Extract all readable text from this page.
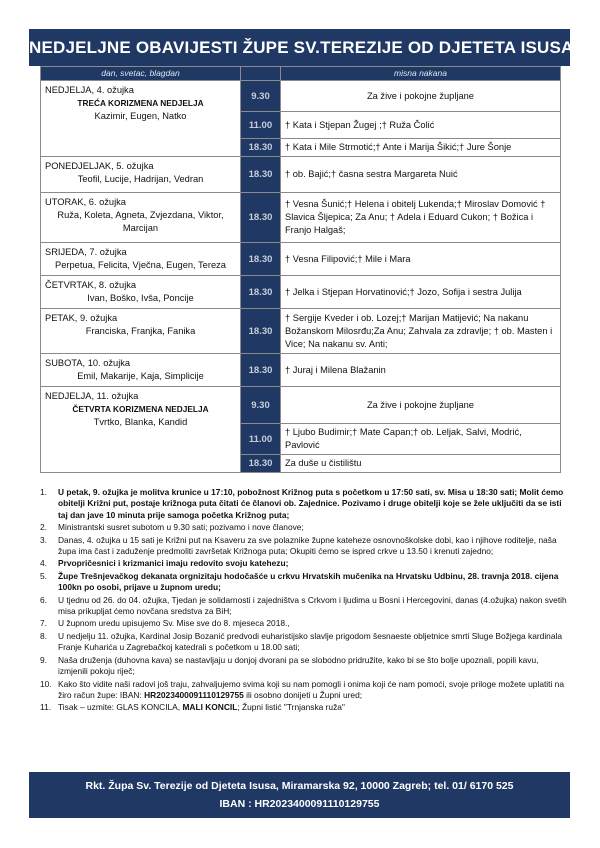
NEDJELJNE OBAVIJESTI ŽUPE SV.TEREZIJE OD DJETETA ISUSA
dan, svetac, blagdan		misna nakana

NEDJELJA, 4. ožujka
TREĆA KORIZMENA NEDJELJA
Kazimir, Eugen, Natko	9.30	Za žive i pokojne župljane
	11.00	† Kata i Stjepan Žugej ;† Ruža Čolić
	18.30	† Kata i Mile Strmotić;† Ante i Marija Šikić;† Jure Šonje

PONEDJELJAK, 5. ožujka
Teofil, Lucije, Hadrijan, Vedran	18.30	† ob. Bajić;† časna sestra Margareta Nuić

UTORAK, 6. ožujka
Ruža, Koleta, Agneta, Zvjezdana, Viktor, Marcijan	18.30	† Vesna Šunić;† Helena i obitelj Lukenda;† Miroslav Domović † Slavica Šljepica; Za Anu; † Adela i Eduard Cukon; † Božica i Franjo Halgaš;

SRIJEDA, 7. ožujka
Perpetua, Felicita, Vječna, Eugen, Tereza	18.30	† Vesna Filipović;† Mile i Mara

ČETVRTAK, 8. ožujka
Ivan, Boško, Ivša, Poncije	18.30	† Jelka i Stjepan Horvatinović;† Jozo, Sofija i sestra Julija

PETAK, 9. ožujka
Franciska, Franjka, Fanika	18.30	† Sergije Kveder i ob. Lozej;† Marijan Matijević; Na nakanu Božanskom Milosrđu;Za Anu; Zahvala za zdravlje; † ob. Masten i Vice; Na nakanu sv. Anti;

SUBOTA, 10. ožujka
Emil, Makarije, Kaja, Simplicije	18.30	† Juraj i Milena Blažanin

NEDJELJA, 11. ožujka
ČETVRTA KORIZMENA NEDJELJA
Tvrtko, Blanka, Kandid	9.30	Za žive i pokojne župljane
	11.00	† Ljubo Budimir;† Mate Capan;† ob. Leljak, Salvi, Modrić, Pavlović
	18.30	Za duše u čistilištu
1.	U petak, 9. ožujka je molitva krunice u 17:10, pobožnost Križnog puta s početkom u 17:50 sati, sv. Misa u 18:30 sati; Molit ćemo obitelji Križni put, postaje križnoga puta čitati će članovi ob. Zajednice. Pozivamo i druge obitelji koje se žele uključiti da se isti taj dan jave 10 minuta prije samoga početka Križnog puta;
2.	Ministrantski susret subotom u 9.30 sati; pozivamo i nove članove;
3.	Danas, 4. ožujka u 15 sati je Križni put na Ksaveru za sve polaznike župne kateheze osnovnoškolske dobi, kao i njihove roditelje, naša župa ima čast i zaduženje predmoliti završetak Križnoga puta; Okupiti ćemo se ispred crkve u 13.50 i krenuti zajedno;
4.	Prvopričesnici i krizmanici imaju redovito svoju katehezu;
5.	Župe Trešnjevačkog dekanata orgnizitaju hodočašće u crkvu Hrvatskih mučenika na Hrvatsku Udbinu, 28. travnja 2018. cijena 100kn po osobi, prijave u župnom uredu;
6.	U tjednu od 26. do 04. ožujka, Tjedan je solidarnosti i zajedništva s Crkvom i ljudima u Bosni i Hercegovini, danas (4.ožujka) nakon svetih misa prikupljat ćemo novčana sredstva za BiH;
7.	U župnom uredu upisujemo Sv. Mise sve do 8. mjeseca 2018.,
8.	U nedjelju 11. ožujka, Kardinal Josip Bozanić predvodi euharistijsko slavlje prigodom šesnaeste obljetnice smrti Sluge Božjega kardinala Franje Kuharića u Zagrebačkoj katedrali s početkom u 18.00 sati;
9.	Naša druženja (duhovna kava) se nastavljaju u donjoj dvorani pa se slobodno pridružite, kako bi se što bolje upoznali, popili kavu, izmjenili pokoju riječ;
10. Kako što vidite naši radovi još traju, zahvaljujemo svima koji su nam pomogli i onima koji će nam pomoći, svoje priloge možete uplatiti na žiro račun župe: IBAN: HR2023400091110129755 ili osobno donijeti u Župni ured;
11. Tisak – uzmite: GLAS KONCILA, MALI KONCIL; Župni listić "Trnjanska ruža"
Rkt. Župa Sv. Terezije od Djeteta Isusa, Miramarska 92, 10000 Zagreb; tel. 01/ 6170 525
IBAN : HR2023400091110129755
